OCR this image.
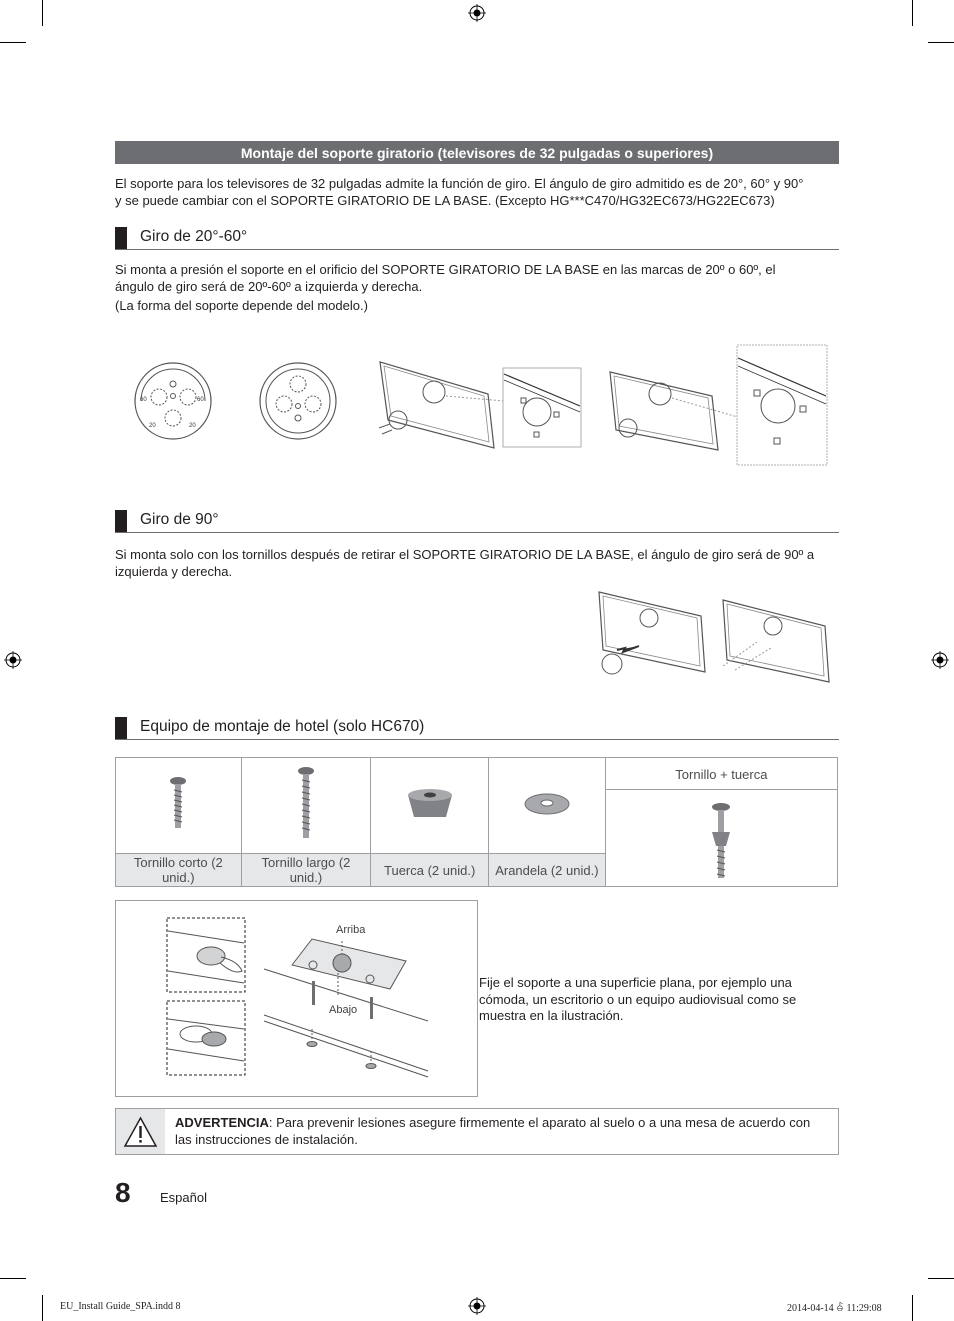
Montaje del soporte giratorio (televisores de 32 pulgadas o superiores)
El soporte para los televisores de 32 pulgadas admite la función de giro. El ángulo de giro admitido es de 20°, 60° y 90°
y se puede cambiar con el SOPORTE GIRATORIO DE LA BASE. (Excepto HG***C470/HG32EC673/HG22EC673)
Giro de 20°-60°
Si monta a presión el soporte en el orificio del SOPORTE GIRATORIO DE LA BASE en las marcas de 20º o 60º, el
ángulo de giro será de 20º-60º a izquierda y derecha.
(La forma del soporte depende del modelo.)
60	60
20	20
Giro de 90°
Si monta solo con los tornillos después de retirar el SOPORTE GIRATORIO DE LA BASE, el ángulo de giro será de 90º a
izquierda y derecha.
Equipo de montaje de hotel (solo HC670)

Tornillo + tuerca

Tornillo corto (2
unid.)	Tornillo largo (2
unid.)	Tuerca (2 unid.)	Arandela (2 unid.)	
Arriba
Abajo
Fije el soporte a una superficie plana, por ejemplo una
cómoda, un escritorio o un equipo audiovisual como se
muestra en la ilustración.
ADVERTENCIA: Para prevenir lesiones asegure firmemente el aparato al suelo o a una mesa de acuerdo con
las instrucciones de instalación.
8 Español
EU_Install Guide_SPA.indd 8	2014-04-14 ꊵ 11:29:08
